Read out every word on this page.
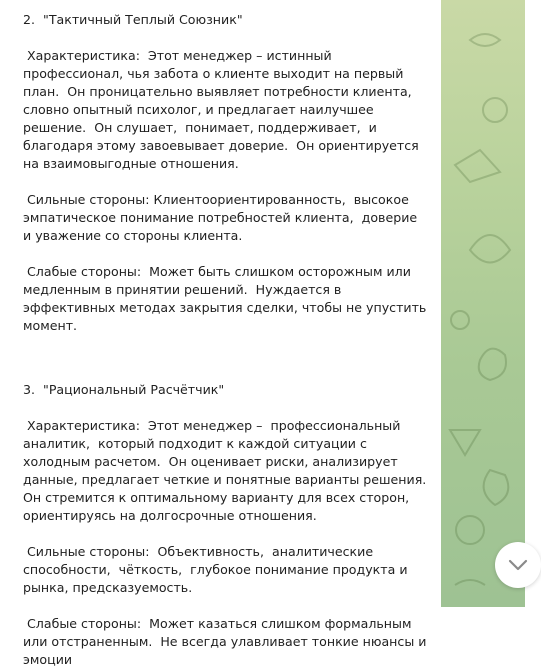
2.  "Тактичный Теплый Союзник"

Характеристика:  Этот менеджер – истинный профессионал, чья забота о клиенте выходит на первый план.  Он проницательно выявляет потребности клиента, словно опытный психолог, и предлагает наилучшее решение.  Он слушает,  понимает, поддерживает,  и благодаря этому завоевывает доверие.  Он ориентируется на взаимовыгодные отношения.

Сильные стороны: Клиентоориентированность,  высокое эмпатическое понимание потребностей клиента,  доверие и уважение со стороны клиента.

Слабые стороны:  Может быть слишком осторожным или медленным в принятии решений.  Нуждается в эффективных методах закрытия сделки, чтобы не упустить момент.

3.  "Рациональный Расчётчик"

Характеристика:  Этот менеджер –  профессиональный аналитик,  который подходит к каждой ситуации с холодным расчетом.  Он оценивает риски, анализирует данные, предлагает четкие и понятные варианты решения.  Он стремится к оптимальному варианту для всех сторон, ориентируясь на долгосрочные отношения.

Сильные стороны:  Объективность,  аналитические способности,  чёткость,  глубокое понимание продукта и рынка, предсказуемость.

Слабые стороны:  Может казаться слишком формальным или отстраненным.  Не всегда улавливает тонкие нюансы и эмоции
